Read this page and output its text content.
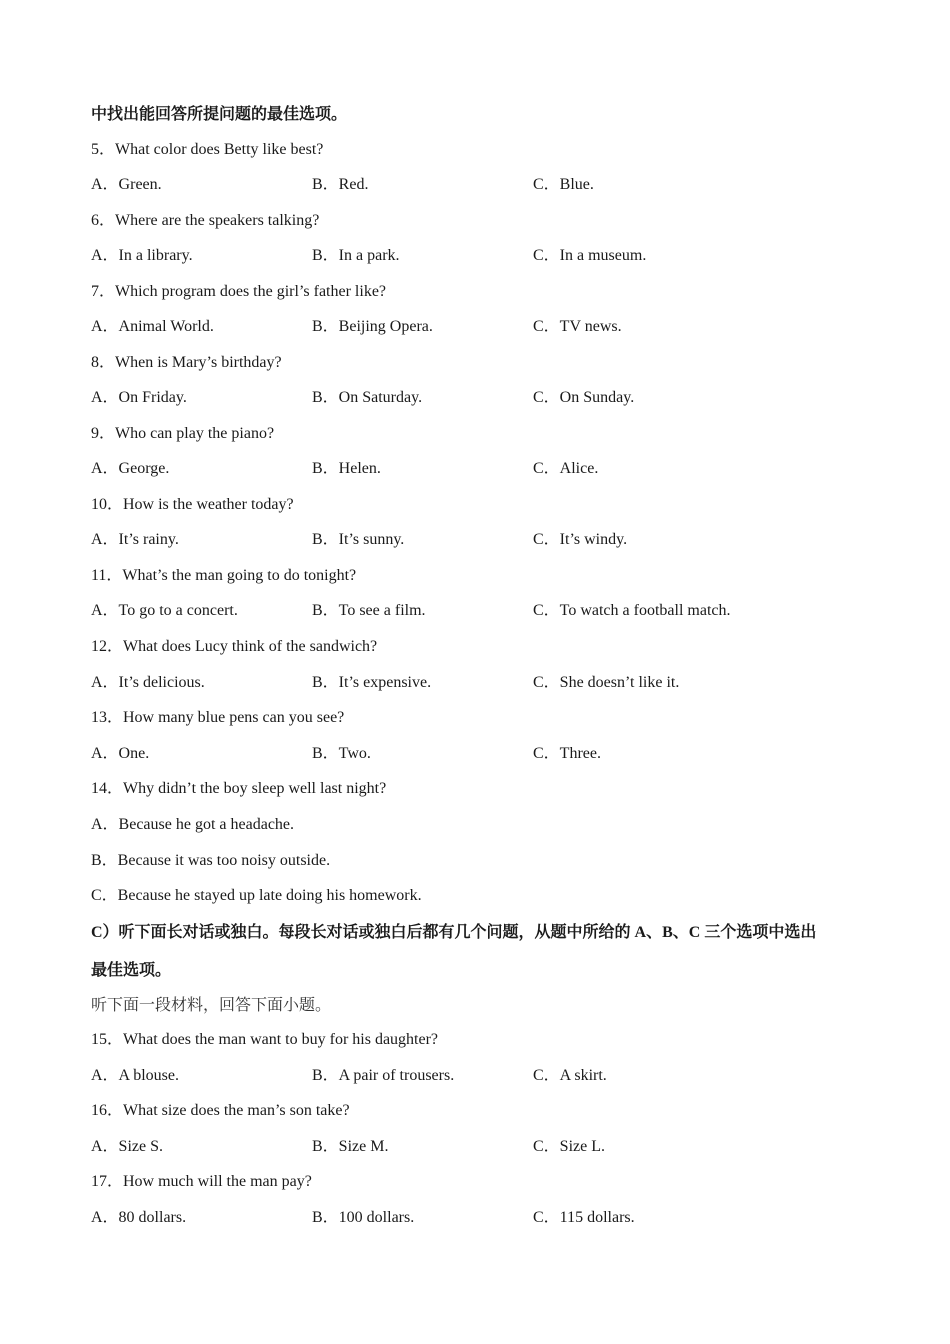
中找出能回答所提问题的最佳选项。
5．What color does Betty like best?
A．Green.	B．Red.	C．Blue.
6．Where are the speakers talking?
A．In a library.	B．In a park.	C．In a museum.
7．Which program does the girl’s father like?
A．Animal World.	B．Beijing Opera.	C．TV news.
8．When is Mary’s birthday?
A．On Friday.	B．On Saturday.	C．On Sunday.
9．Who can play the piano?
A．George.	B．Helen.	C．Alice.
10．How is the weather today?
A．It’s rainy.	B．It’s sunny.	C．It’s windy.
11．What’s the man going to do tonight?
A．To go to a concert.	B．To see a film.	C．To watch a football match.
12．What does Lucy think of the sandwich?
A．It’s delicious.	B．It’s expensive.	C．She doesn’t like it.
13．How many blue pens can you see?
A．One.	B．Two.	C．Three.
14．Why didn’t the boy sleep well last night?
A．Because he got a headache.
B．Because it was too noisy outside.
C．Because he stayed up late doing his homework.
C）听下面长对话或独白。每段长对话或独白后都有几个问题，从题中所给的 A、B、C 三个选项中选出
最佳选项。
听下面一段材料，回答下面小题。
15．What does the man want to buy for his daughter?
A．A blouse.	B．A pair of trousers.	C．A skirt.
16．What size does the man’s son take?
A．Size S.	B．Size M.	C．Size L.
17．How much will the man pay?
A．80 dollars.	B．100 dollars.	C．115 dollars.
